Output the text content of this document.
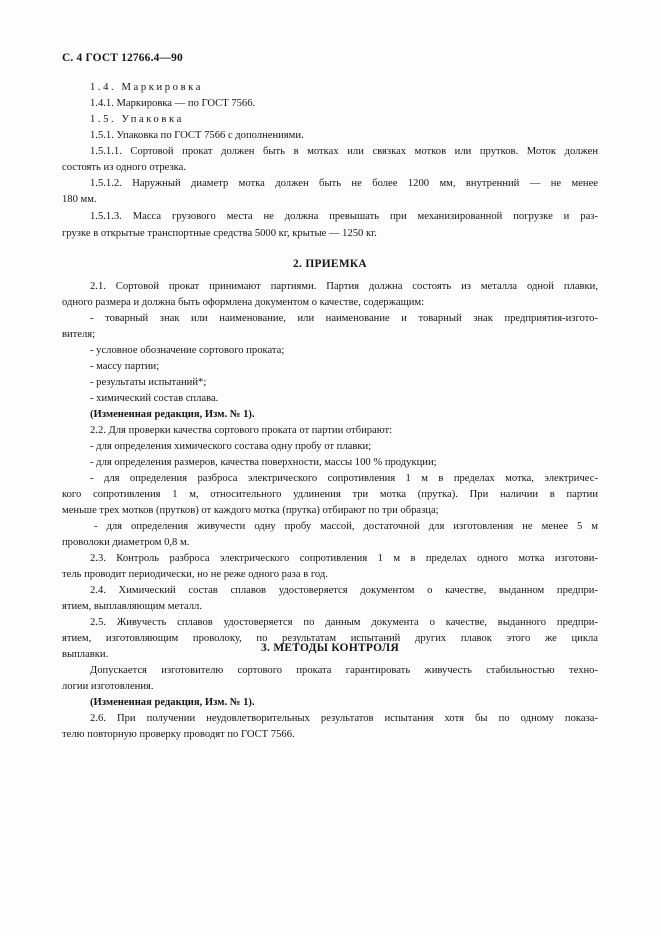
С. 4 ГОСТ 12766.4—90
1.4. Маркировка
1.4.1. Маркировка — по ГОСТ 7566.
1.5. Упаковка
1.5.1. Упаковка по ГОСТ 7566 с дополнениями.
1.5.1.1. Сортовой прокат должен быть в мотках или связках мотков или прутков. Моток должен
состоять из одного отрезка.
1.5.1.2. Наружный диаметр мотка должен быть не более 1200 мм, внутренний — не менее
180 мм.
1.5.1.3. Масса грузового места не должна превышать при механизированной погрузке и раз-
грузке в открытые транспортные средства 5000 кг, крытые — 1250 кг.
2. ПРИЕМКА
2.1. Сортовой прокат принимают партиями. Партия должна состоять из металла одной плавки,
одного размера и должна быть оформлена документом о качестве, содержащим:
- товарный знак или наименование, или наименование и товарный знак предприятия-изгото-
вителя;
- условное обозначение сортового проката;
- массу партии;
- результаты испытаний*;
- химический состав сплава.
(Измененная редакция, Изм. № 1).
2.2. Для проверки качества сортового проката от партии отбирают:
- для определения химического состава одну пробу от плавки;
- для определения размеров, качества поверхности, массы 100 % продукции;
- для определения разброса электрического сопротивления 1 м в пределах мотка, электричес-
кого сопротивления 1 м, относительного удлинения три мотка (прутка). При наличии в партии
меньше трех мотков (прутков) от каждого мотка (прутка) отбирают по три образца;
- для определения живучести одну пробу массой, достаточной для изготовления не менее 5 м
проволоки диаметром 0,8 м.
2.3. Контроль разброса электрического сопротивления 1 м в пределах одного мотка изготови-
тель проводит периодически, но не реже одного раза в год.
2.4. Химический состав сплавов удостоверяется документом о качестве, выданном предпри-
ятием, выплавляющим металл.
2.5. Живучесть сплавов удостоверяется по данным документа о качестве, выданного предпри-
ятием, изготовляющим проволоку, по результатам испытаний других плавок этого же цикла
выплавки.
Допускается изготовителю сортового проката гарантировать живучесть стабильностью техно-
логии изготовления.
(Измененная редакция, Изм. № 1).
2.6. При получении неудовлетворительных результатов испытания хотя бы по одному показа-
телю повторную проверку проводят по ГОСТ 7566.
3. МЕТОДЫ КОНТРОЛЯ
